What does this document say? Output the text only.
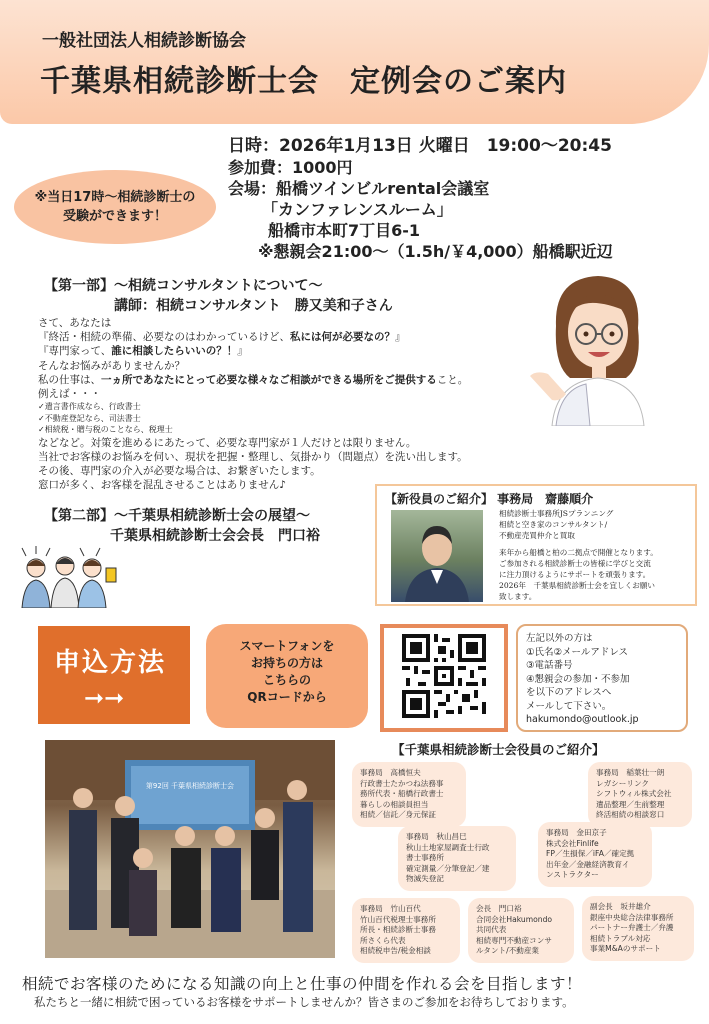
一般社団法人相続診断協会
千葉県相続診断士会　定例会のご案内
日時：2026年1月13日 火曜日　19:00～20:45
参加費：1000円
会場：船橋ツインビルrental会議室
「カンファレンスルーム」
船橋市本町7丁目6-1
※懇親会21:00～（1.5h/￥4,000）船橋駅近辺
※当日17時～相続診断士の
受験ができます！
【第一部】～相続コンサルタントについて～
講師：相続コンサルタント　勝又美和子さん
さて、あなたは
『終活・相続の準備、必要なのはわかっているけど、私には何が必要なの？』
『専門家って、誰に相談したらいいの？！』
そんなお悩みがありませんか？
私の仕事は、一ヵ所であなたにとって必要な様々なご相談ができる場所をご提供すること。
例えば・・・
✓遺言書作成なら、行政書士
✓不動産登記なら、司法書士
✓相続税・贈与税のことなら、税理士
などなど。対策を進めるにあたって、必要な専門家が１人だけとは限りません。
当社でお客様のお悩みを伺い、現状を把握・整理し、気掛かり（問題点）を洗い出します。
その後、専門家の介入が必要な場合は、お繋ぎいたします。
窓口が多く、お客様を混乱させることはありません♪
【第二部】～千葉県相続診断士会の展望～
千葉県相続診断士会会長　門口裕
【新役員のご紹介】 事務局　齋藤順介
相続診断士事務所JSプランニング
相続と空き家のコンサルタント/
不動産売買仲介と買取
来年から船橋と柏の二拠点で開催となります。
ご参加される相続診断士の皆様に学びと交流
に注力頂けるようにサポートを頑張ります。
2026年　千葉県相続診断士会を宜しくお願い
致します。
申込方法
➞➞
スマートフォンを
お持ちの方は
こちらの
QRコードから
左記以外の方は
①氏名②メールアドレス
③電話番号
④懇親会の参加・不参加
を以下のアドレスへ
メールして下さい。
hakumondo@outlook.jp
第92回 千葉県相続診断士会
【千葉県相続診断士会役員のご紹介】
事務局　高橋恒夫
行政書士たかつね法務事
務所代表・船橋行政書士
暮らしの相談員担当
相続／信託／身元保証
事務局　稲葉壮一朗
レガシーリンク
シフトウィル株式会社
遺品整理／生前整理
終活相続の相談窓口
事務局　秋山昌巳
秋山土地家屋調査士行政
書士事務所
確定測量／分筆登記／建
物滅失登記
事務局　金田京子
株式会社Finlife
FP／生損保／iFA／確定拠
出年金／金融経済教育イ
ンストラクター
事務局　竹山百代
竹山百代税理士事務所
所長・相続診断士事務
所さくら代表
相続税申告/税金相談
会長　門口裕
合同会社Hakumondo
共同代表
相続専門不動産コンサ
ルタント/不動産業
副会長　坂井雄介
銀座中央総合法律事務所
パートナー弁護士／弁護
相続トラブル対応
事業M&Aのサポート
相続でお客様のためになる知識の向上と仕事の仲間を作れる会を目指します！
私たちと一緒に相続で困っているお客様をサポートしませんか？皆さまのご参加をお待ちしております。
